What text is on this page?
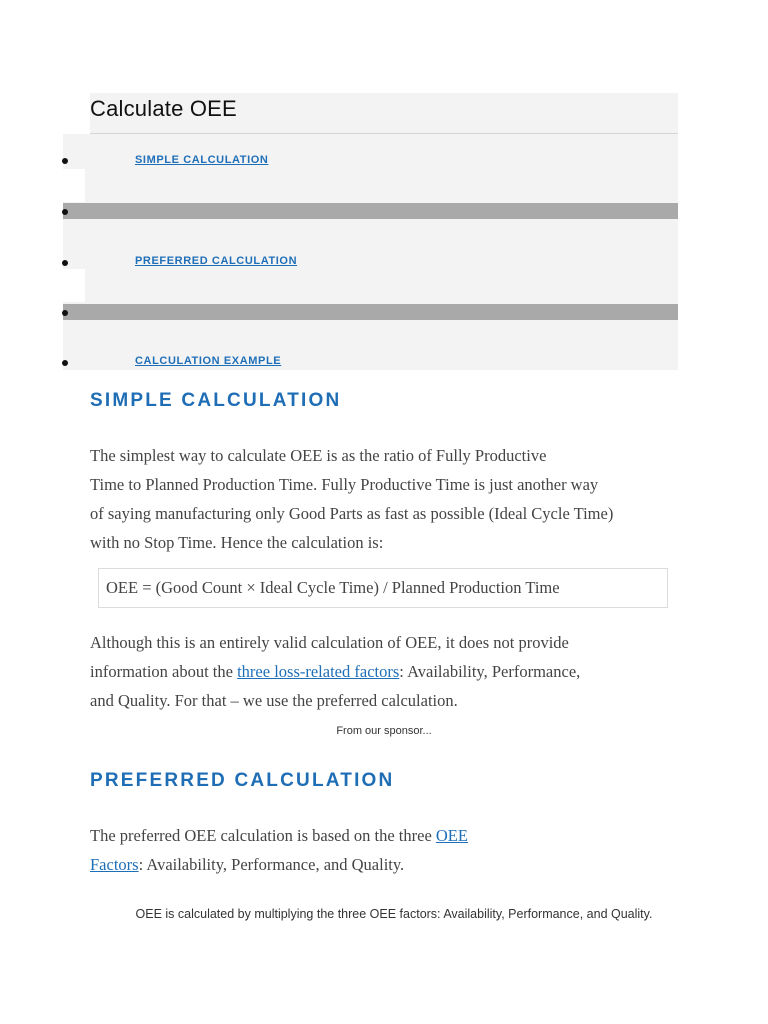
Calculate OEE
SIMPLE CALCULATION
PREFERRED CALCULATION
CALCULATION EXAMPLE
SIMPLE CALCULATION

The simplest way to calculate OEE is as the ratio of Fully Productive
Time to Planned Production Time. Fully Productive Time is just another way
of saying manufacturing only Good Parts as fast as possible (Ideal Cycle Time)
with no Stop Time. Hence the calculation is:

OEE = (Good Count × Ideal Cycle Time) / Planned Production Time

Although this is an entirely valid calculation of OEE, it does not provide
information about the three loss-related factors: Availability, Performance,
and Quality. For that – we use the preferred calculation.

From our sponsor...
PREFERRED CALCULATION

The preferred OEE calculation is based on the three OEE
Factors: Availability, Performance, and Quality.

OEE is calculated by multiplying the three OEE factors: Availability, Performance, and Quality.
